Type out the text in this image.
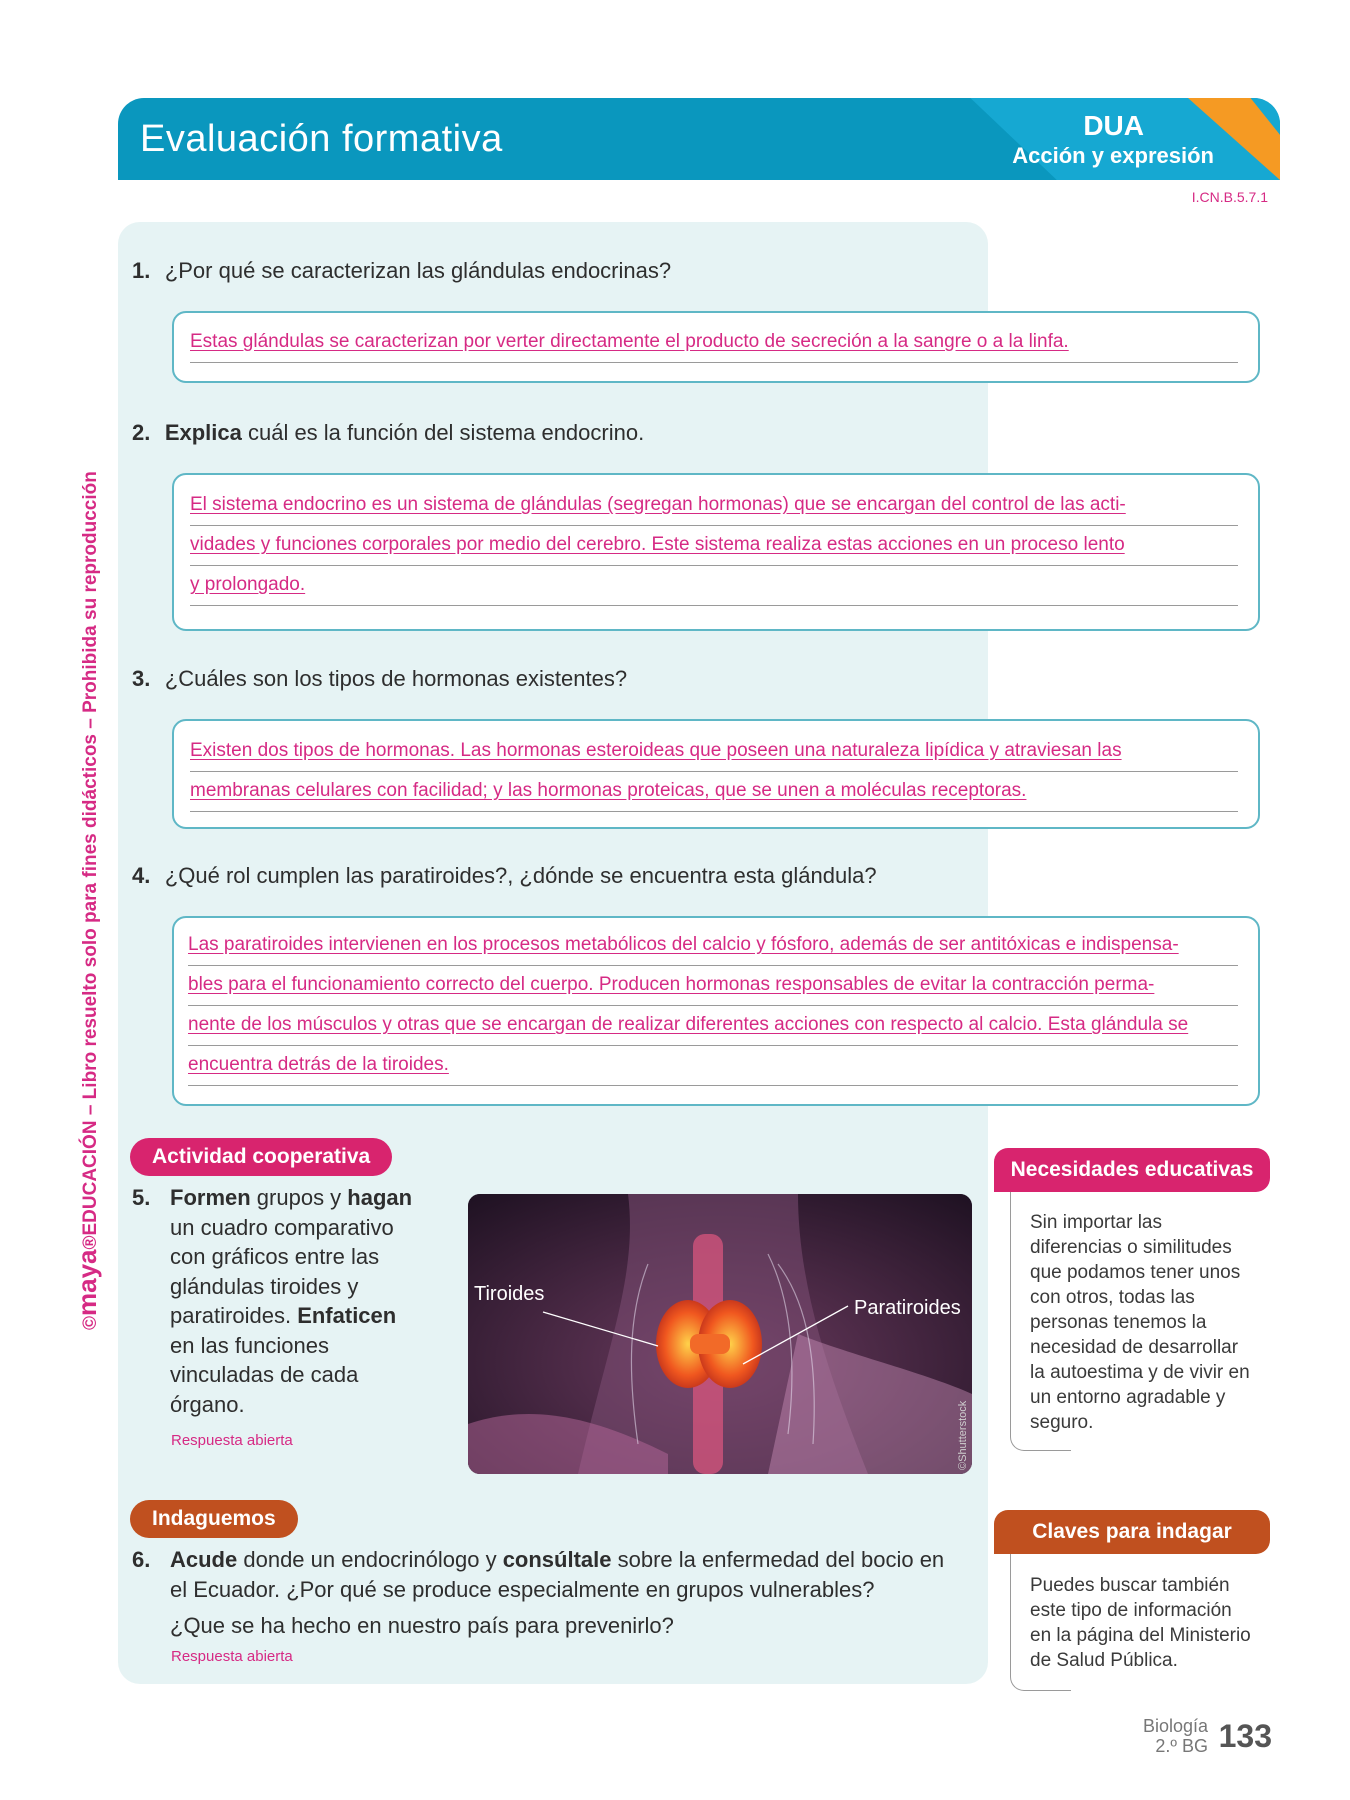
Evaluación formativa	DUA
Acción y expresión
I.CN.B.5.7.1
1. ¿Por qué se caracterizan las glándulas endocrinas?
Estas glándulas se caracterizan por verter directamente el producto de secreción a la sangre o a la linfa.
2. Explica cuál es la función del sistema endocrino.
El sistema endocrino es un sistema de glándulas (segregan hormonas) que se encargan del control de las acti-
vidades y funciones corporales por medio del cerebro. Este sistema realiza estas acciones en un proceso lento
y prolongado.
3. ¿Cuáles son los tipos de hormonas existentes?
Existen dos tipos de hormonas. Las hormonas esteroideas que poseen una naturaleza lipídica y atraviesan las
membranas celulares con facilidad; y las hormonas proteicas, que se unen a moléculas receptoras.
4. ¿Qué rol cumplen las paratiroides?, ¿dónde se encuentra esta glándula?
Las paratiroides intervienen en los procesos metabólicos del calcio y fósforo, además de ser antitóxicas e indispensa-
bles para el funcionamiento correcto del cuerpo. Producen hormonas responsables de evitar la contracción perma-
nente de los músculos y otras que se encargan de realizar diferentes acciones con respecto al calcio. Esta glándula se
encuentra detrás de la tiroides.
Actividad cooperativa
5. Formen grupos y hagan
un cuadro comparativo
con gráficos entre las
glándulas tiroides y
paratiroides. Enfaticen
en las funciones
vinculadas de cada
órgano.
Respuesta abierta
Tiroides
Paratiroides
©Shutterstock
Indaguemos
6. Acude donde un endocrinólogo y consúltale sobre la enfermedad del bocio en
el Ecuador. ¿Por qué se produce especialmente en grupos vulnerables?
¿Que se ha hecho en nuestro país para prevenirlo?
Respuesta abierta
Necesidades educativas
Sin importar las
diferencias o similitudes
que podamos tener unos
con otros, todas las
personas tenemos la
necesidad de desarrollar
la autoestima y de vivir en
un entorno agradable y
seguro.
Claves para indagar
Puedes buscar también
este tipo de información
en la página del Ministerio
de Salud Pública.
©maya®EDUCACIÓN – Libro resuelto solo para fines didácticos – Prohibida su reproducción
Biología
2.º BG 133
